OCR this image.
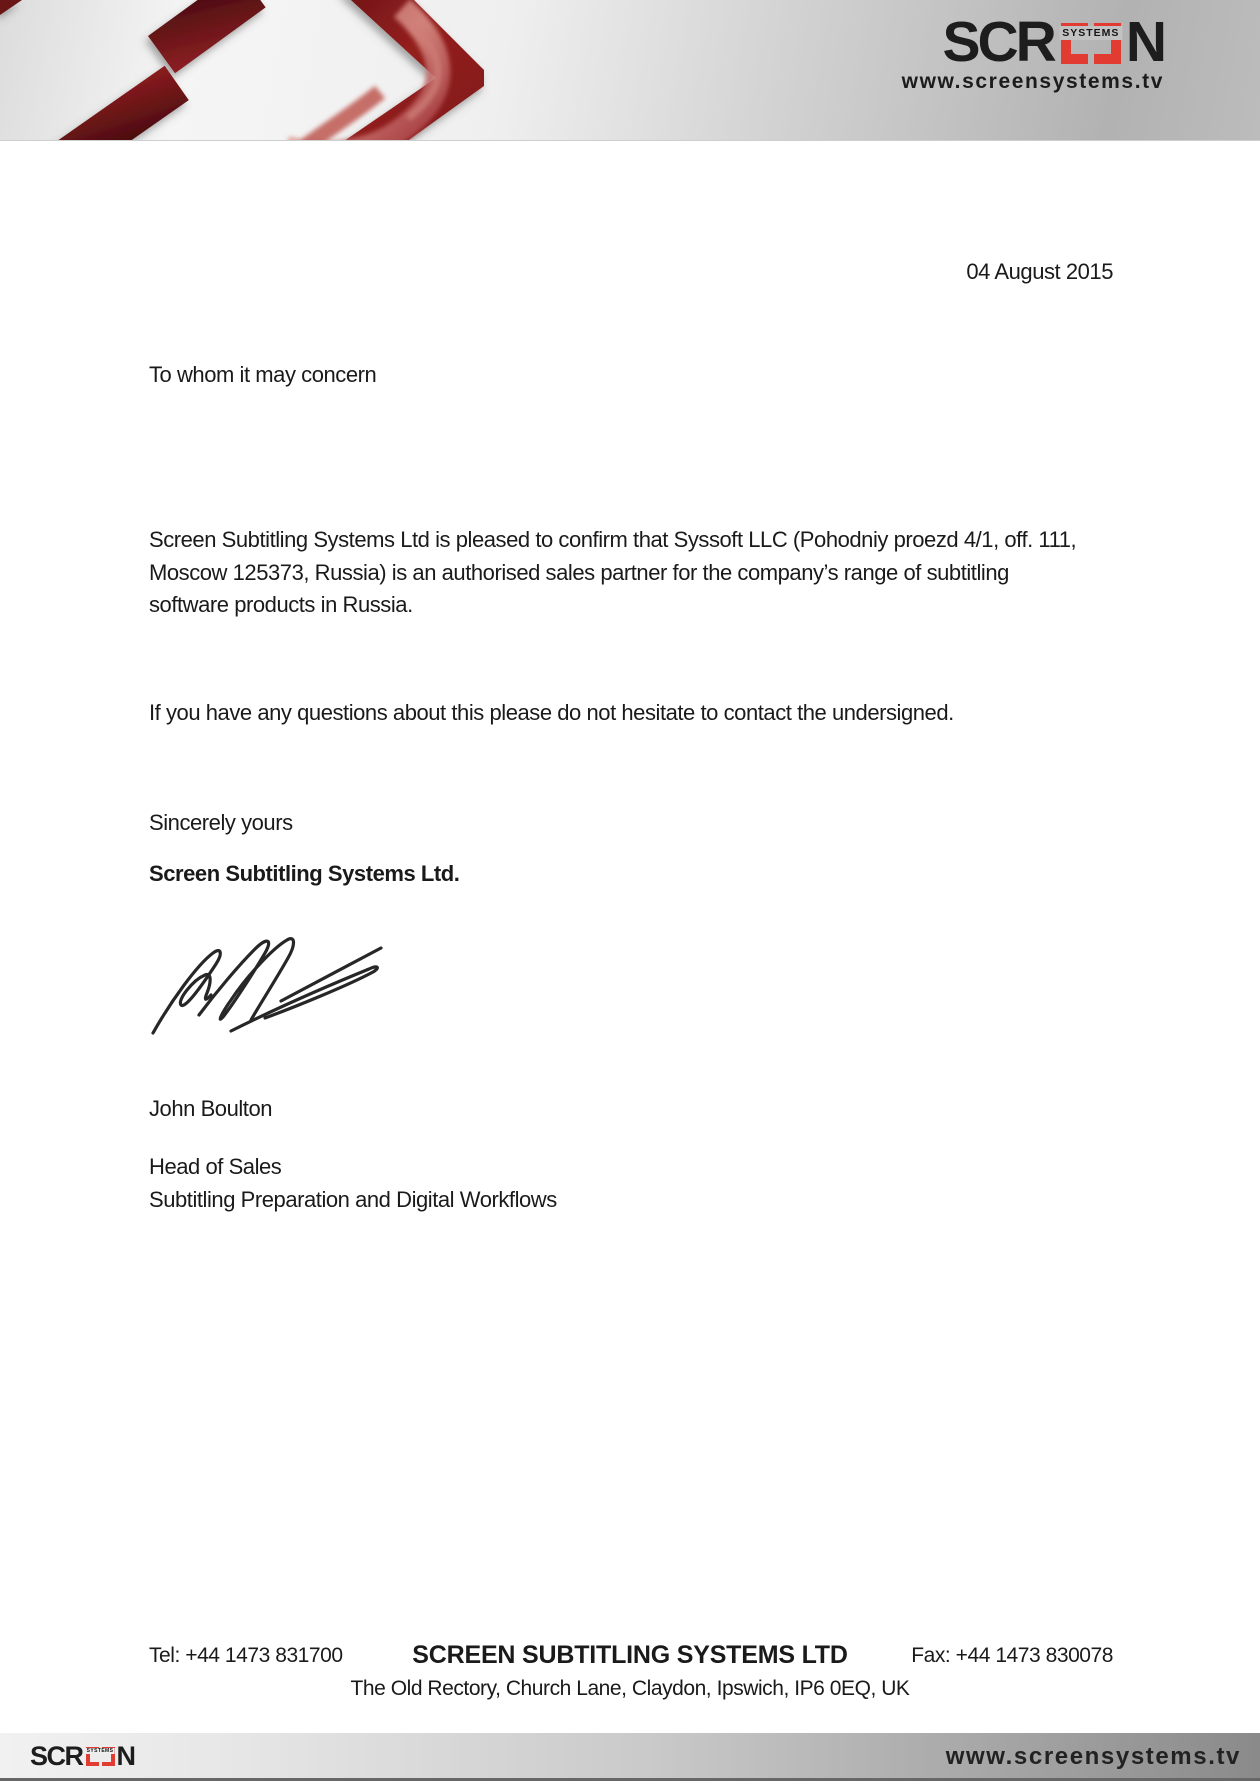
SCR SYSTEMS N
www.screensystems.tv
04 August 2015
To whom it may concern
Screen Subtitling Systems Ltd is pleased to confirm that Syssoft LLC (Pohodniy proezd 4/1, off. 111,
Moscow 125373, Russia) is an authorised sales partner for the company’s range of subtitling
software products in Russia.
If you have any questions about this please do not hesitate to contact the undersigned.
Sincerely yours
Screen Subtitling Systems Ltd.
John Boulton
Head of Sales
Subtitling Preparation and Digital Workflows
Tel: +44 1473 831700	SCREEN SUBTITLING SYSTEMS LTD	Fax: +44 1473 830078
The Old Rectory, Church Lane, Claydon, Ipswich, IP6 0EQ, UK
SCR SYSTEMS N	www.screensystems.tv
